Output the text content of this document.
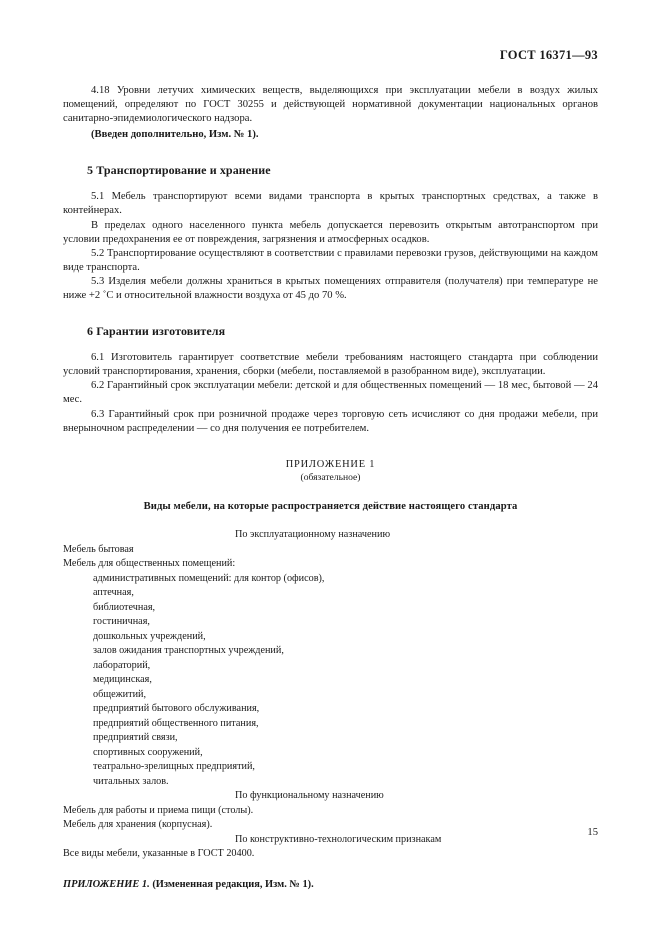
ГОСТ 16371—93

4.18 Уровни летучих химических веществ, выделяющихся при эксплуатации мебели в воздух жилых помещений, определяют по ГОСТ 30255 и действующей нормативной документации национальных органов санитарно-эпидемиологического надзора.

(Введен дополнительно, Изм. № 1).

5 Транспортирование и хранение

5.1 Мебель транспортируют всеми видами транспорта в крытых транспортных средствах, а также в контейнерах.

В пределах одного населенного пункта мебель допускается перевозить открытым автотранспортом при условии предохранения ее от повреждения, загрязнения и атмосферных осадков.

5.2 Транспортирование осуществляют в соответствии с правилами перевозки грузов, действующими на каждом виде транспорта.

5.3 Изделия мебели должны храниться в крытых помещениях отправителя (получателя) при температуре не ниже +2 ˚С и относительной влажности воздуха от 45 до 70 %.

6 Гарантии изготовителя

6.1 Изготовитель гарантирует соответствие мебели требованиям настоящего стандарта при соблюдении условий транспортирования, хранения, сборки (мебели, поставляемой в разобранном виде), эксплуатации.

6.2 Гарантийный срок эксплуатации мебели: детской и для общественных помещений — 18 мес, бытовой — 24 мес.

6.3 Гарантийный срок при розничной продаже через торговую сеть исчисляют со дня продажи мебели, при внерыночном распределении — со дня получения ее потребителем.

ПРИЛОЖЕНИЕ 1
(обязательное)
Виды мебели, на которые распространяется действие настоящего стандарта
По эксплуатационному назначению
Мебель бытовая
Мебель для общественных помещений:
административных помещений: для контор (офисов),
аптечная,
библиотечная,
гостиничная,
дошкольных учреждений,
залов ожидания транспортных учреждений,
лабораторий,
медицинская,
общежитий,
предприятий бытового обслуживания,
предприятий общественного питания,
предприятий связи,
спортивных сооружений,
театрально-зрелищных предприятий,
читальных залов.
По функциональному назначению
Мебель для работы и приема пищи (столы).
Мебель для хранения (корпусная).
По конструктивно-технологическим признакам
Все виды мебели, указанные в ГОСТ 20400.
ПРИЛОЖЕНИЕ 1. (Измененная редакция, Изм. № 1).
15
